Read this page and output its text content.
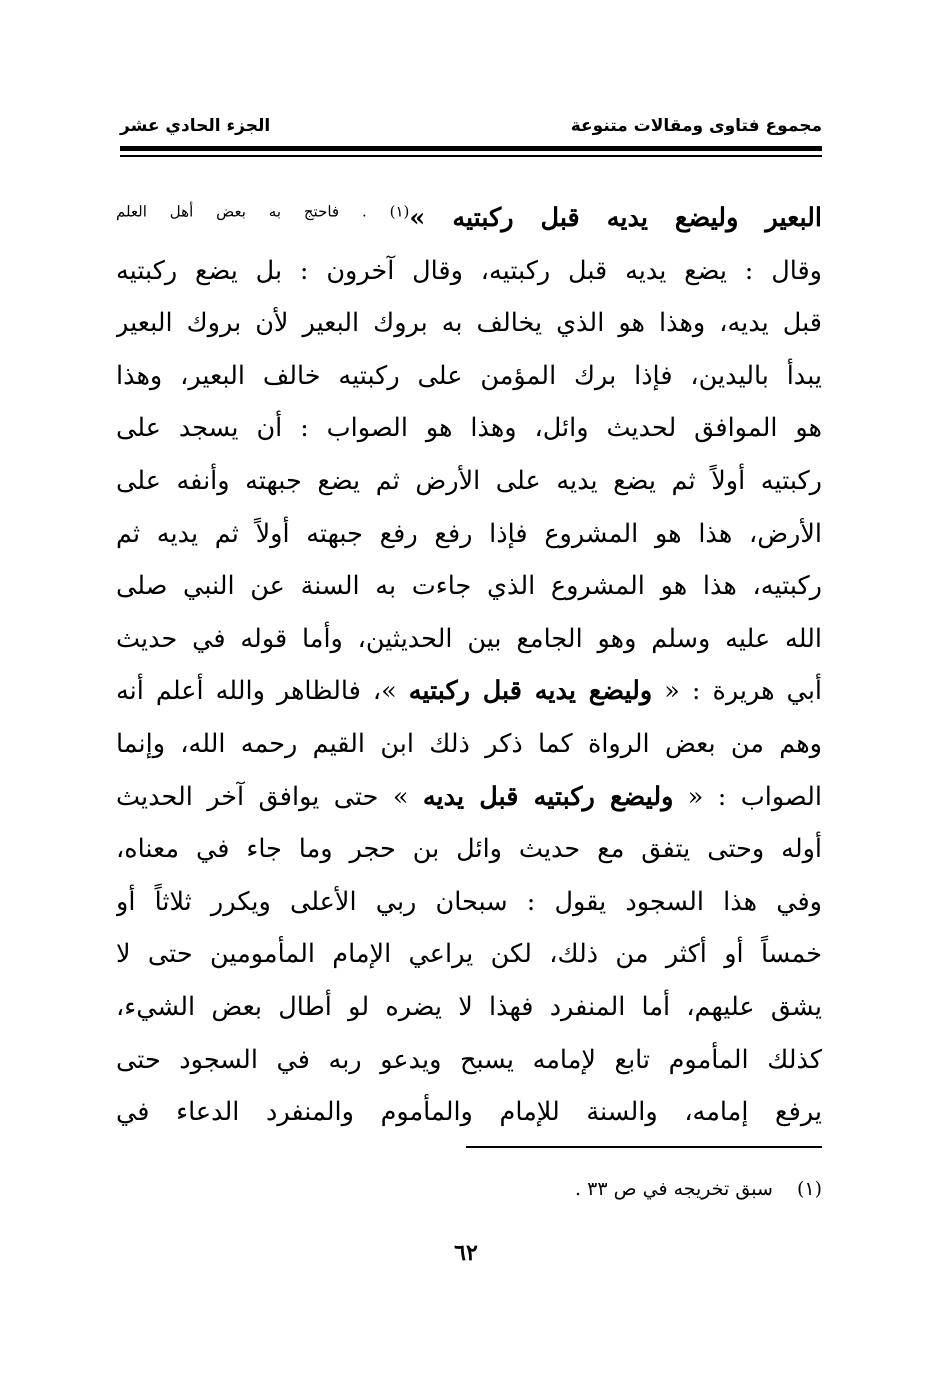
مجموع فتاوى ومقالات متنوعة
الجزء الحادي عشر
البعير وليضع يديه قبل ركبتيه »$^{(١) . فاحتج به بعض أهل العلم}$
وقال : يضع يديه قبل ركبتيه، وقال آخرون : بل يضع ركبتيه
قبل يديه، وهذا هو الذي يخالف به بروك البعير لأن بروك البعير
يبدأ باليدين، فإذا برك المؤمن على ركبتيه خالف البعير، وهذا
هو الموافق لحديث وائل، وهذا هو الصواب : أن يسجد على
ركبتيه أولاً ثم يضع يديه على الأرض ثم يضع جبهته وأنفه على
الأرض، هذا هو المشروع فإذا رفع رفع جبهته أولاً ثم يديه ثم
ركبتيه، هذا هو المشروع الذي جاءت به السنة عن النبي صلى
الله عليه وسلم وهو الجامع بين الحديثين، وأما قوله في حديث
أبي هريرة : « وليضع يديه قبل ركبتيه »، فالظاهر والله أعلم أنه
وهم من بعض الرواة كما ذكر ذلك ابن القيم رحمه الله، وإنما
الصواب : « وليضع ركبتيه قبل يديه » حتى يوافق آخر الحديث
أوله وحتى يتفق مع حديث وائل بن حجر وما جاء في معناه،
وفي هذا السجود يقول : سبحان ربي الأعلى ويكرر ثلاثاً أو
خمساً أو أكثر من ذلك، لكن يراعي الإمام المأمومين حتى لا
يشق عليهم، أما المنفرد فهذا لا يضره لو أطال بعض الشيء،
كذلك المأموم تابع لإمامه يسبح ويدعو ربه في السجود حتى
يرفع إمامه، والسنة للإمام والمأموم والمنفرد الدعاء في
(١) سبق تخريجه في ص ٣٣ .
٦٢
